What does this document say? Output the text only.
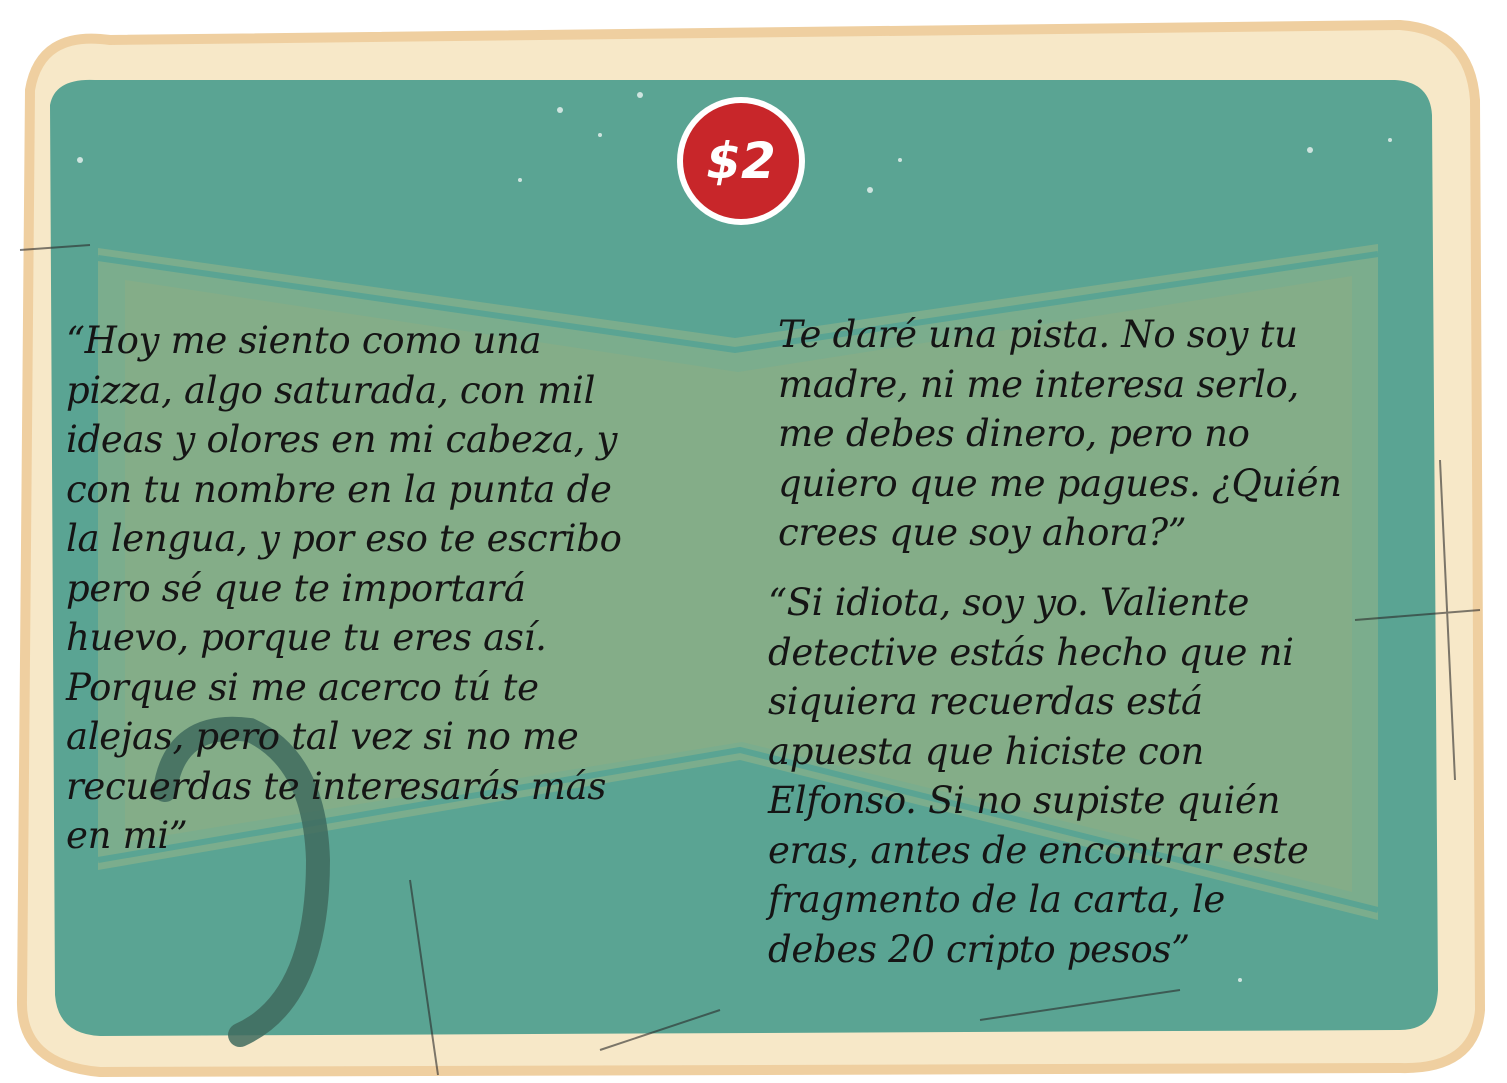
$2
“Hoy me siento como una
pizza, algo saturada, con mil
ideas y olores en mi cabeza, y
con tu nombre en la punta de
la lengua, y por eso te escribo
pero sé que te importará
huevo, porque tu eres así.
Porque si me acerco tú te
alejas, pero tal vez si no me
recuerdas te interesarás más
en mi”
Te daré una pista. No soy tu
madre, ni me interesa serlo,
me debes dinero, pero no
quiero que me pagues. ¿Quién
crees que soy ahora?”
“Si idiota, soy yo. Valiente
detective estás hecho que ni
siquiera recuerdas está
apuesta que hiciste con
Elfonso. Si no supiste quién
eras, antes de encontrar este
fragmento de la carta, le
debes 20 cripto pesos”
